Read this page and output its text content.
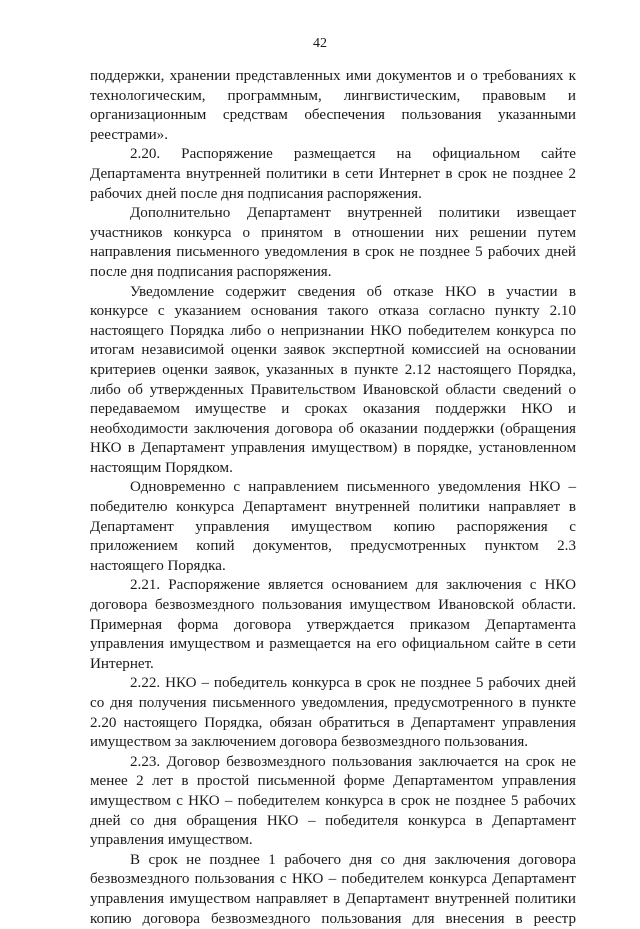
42

поддержки, хранении представленных ими документов и о требованиях к технологическим, программным, лингвистическим, правовым и организационным средствам обеспечения пользования указанными реестрами».

2.20. Распоряжение размещается на официальном сайте Департамента внутренней политики в сети Интернет в срок не позднее 2 рабочих дней после дня подписания распоряжения.

Дополнительно Департамент внутренней политики извещает участников конкурса о принятом в отношении них решении путем направления письменного уведомления в срок не позднее 5 рабочих дней после дня подписания распоряжения.

Уведомление содержит сведения об отказе НКО в участии в конкурсе с указанием основания такого отказа согласно пункту 2.10 настоящего Порядка либо о непризнании НКО победителем конкурса по итогам независимой оценки заявок экспертной комиссией на основании критериев оценки заявок, указанных в пункте 2.12 настоящего Порядка, либо об утвержденных Правительством Ивановской области сведений о передаваемом имуществе и сроках оказания поддержки НКО и необходимости заключения договора об оказании поддержки (обращения НКО в Департамент управления имуществом) в порядке, установленном настоящим Порядком.

Одновременно с направлением письменного уведомления НКО – победителю конкурса Департамент внутренней политики направляет в Департамент управления имуществом копию распоряжения с приложением копий документов, предусмотренных пунктом 2.3 настоящего Порядка.

2.21. Распоряжение является основанием для заключения с НКО договора безвозмездного пользования имуществом Ивановской области. Примерная форма договора утверждается приказом Департамента управления имуществом и размещается на его официальном сайте в сети Интернет.

2.22. НКО – победитель конкурса в срок не позднее 5 рабочих дней со дня получения письменного уведомления, предусмотренного в пункте 2.20 настоящего Порядка, обязан обратиться в Департамент управления имуществом за заключением договора безвозмездного пользования.

2.23. Договор безвозмездного пользования заключается на срок не менее 2 лет в простой письменной форме Департаментом управления имуществом с НКО – победителем конкурса в срок не позднее 5 рабочих дней со дня обращения НКО – победителя конкурса в Департамент управления имуществом.

В срок не позднее 1 рабочего дня со дня заключения договора безвозмездного пользования с НКО – победителем конкурса Департамент управления имуществом направляет в Департамент внутренней политики копию договора безвозмездного пользования для внесения в реестр
